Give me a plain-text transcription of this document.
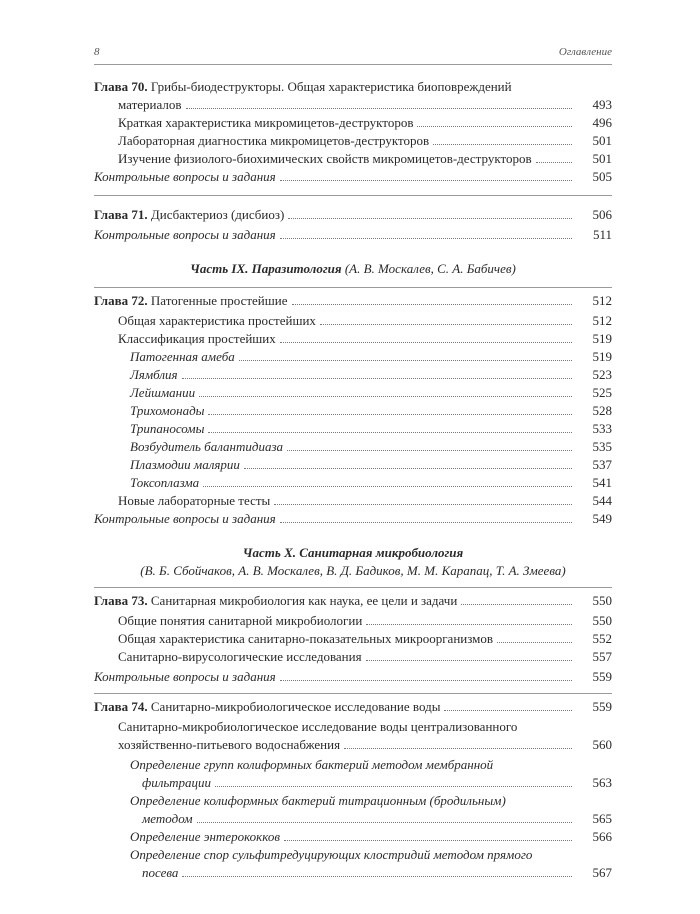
8	Оглавление
Глава 70. Грибы-биодеструкторы. Общая характеристика биоповреждений
материалов	493
Краткая характеристика микромицетов-деструкторов	496
Лабораторная диагностика микромицетов-деструкторов	501
Изучение физиолого-биохимических свойств микромицетов-деструкторов	501
Контрольные вопросы и задания	505
Глава 71. Дисбактериоз (дисбиоз)	506
Контрольные вопросы и задания	511
Часть IX. Паразитология (А. В. Москалев, С. А. Бабичев)
Глава 72. Патогенные простейшие	512
Общая характеристика простейших	512
Классификация простейших	519
Патогенная амеба	519
Лямблия	523
Лейшмании	525
Трихомонады	528
Трипаносомы	533
Возбудитель балантидиаза	535
Плазмодии малярии	537
Токсоплазма	541
Новые лабораторные тесты	544
Контрольные вопросы и задания	549
Часть X. Санитарная микробиология
(В. Б. Сбойчаков, А. В. Москалев, В. Д. Бадиков, М. М. Карапац, Т. А. Змеева)
Глава 73. Санитарная микробиология как наука, ее цели и задачи	550
Общие понятия санитарной микробиологии	550
Общая характеристика санитарно-показательных микроорганизмов	552
Санитарно-вирусологические исследования	557
Контрольные вопросы и задания	559
Глава 74. Санитарно-микробиологическое исследование воды	559
Санитарно-микробиологическое исследование воды централизованного
хозяйственно-питьевого водоснабжения	560
Определение групп колиформных бактерий методом мембранной
фильтрации	563
Определение колиформных бактерий титрационным (бродильным)
методом	565
Определение энтерококков	566
Определение спор сульфитредуцирующих клостридий методом прямого
посева	567
